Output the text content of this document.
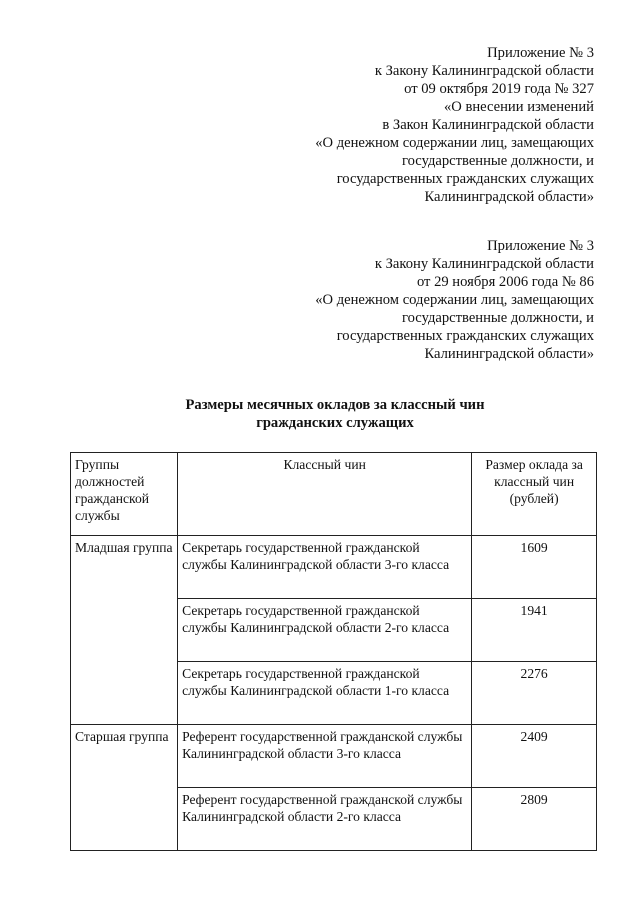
Приложение № 3
к Закону Калининградской области
от 09 октября 2019 года № 327
«О внесении изменений
в Закон Калининградской области
«О денежном содержании лиц, замещающих
государственные должности, и
государственных гражданских служащих
Калининградской области»
Приложение № 3
к Закону Калининградской области
от 29 ноября 2006 года № 86
«О денежном содержании лиц, замещающих
государственные должности, и
государственных гражданских служащих
Калининградской области»
Размеры месячных окладов за классный чин
гражданских служащих
Группы должностей гражданской службы	Классный чин	Размер оклада за классный чин (рублей)
Младшая группа	Секретарь государственной гражданской службы Калининградской области 3-го класса	1609
	Секретарь государственной гражданской службы Калининградской области 2-го класса	1941
	Секретарь государственной гражданской службы Калининградской области 1-го класса	2276
Старшая группа	Референт государственной гражданской службы Калининградской области 3-го класса	2409
	Референт государственной гражданской службы Калининградской области 2-го класса	2809
